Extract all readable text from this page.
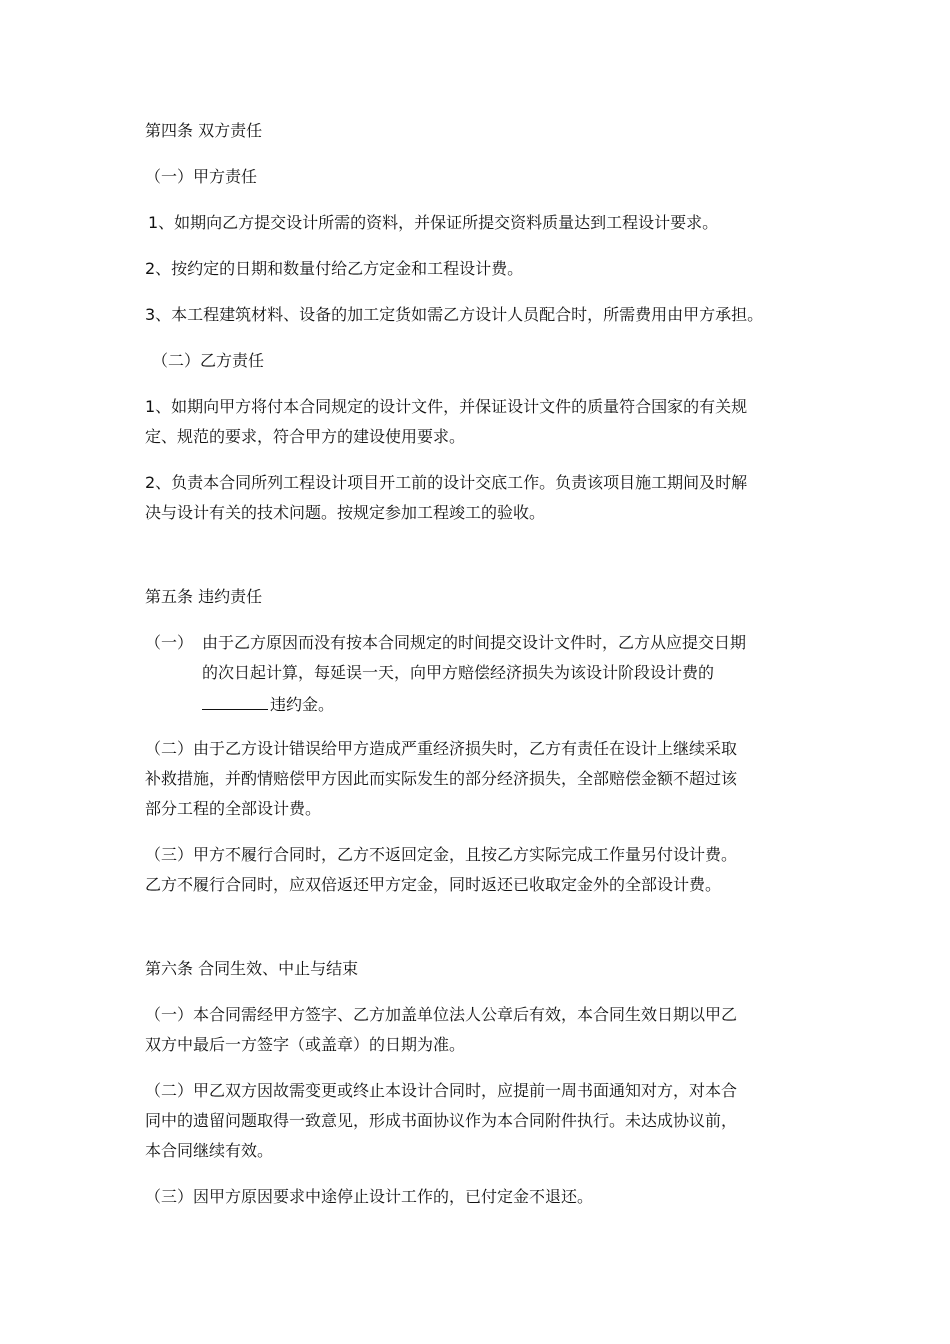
第四条 双方责任
（一）甲方责任
1、如期向乙方提交设计所需的资料，并保证所提交资料质量达到工程设计要求。
2、按约定的日期和数量付给乙方定金和工程设计费。
3、本工程建筑材料、设备的加工定货如需乙方设计人员配合时，所需费用由甲方承担。
（二）乙方责任
1、如期向甲方将付本合同规定的设计文件，并保证设计文件的质量符合国家的有关规
定、规范的要求，符合甲方的建设使用要求。
2、负责本合同所列工程设计项目开工前的设计交底工作。负责该项目施工期间及时解
决与设计有关的技术问题。按规定参加工程竣工的验收。
第五条 违约责任
（一） 由于乙方原因而没有按本合同规定的时间提交设计文件时，乙方从应提交日期
的次日起计算，每延误一天，向甲方赔偿经济损失为该设计阶段设计费的
违约金。
（二）由于乙方设计错误给甲方造成严重经济损失时，乙方有责任在设计上继续采取
补救措施，并酌情赔偿甲方因此而实际发生的部分经济损失，全部赔偿金额不超过该
部分工程的全部设计费。
（三）甲方不履行合同时，乙方不返回定金，且按乙方实际完成工作量另付设计费。
乙方不履行合同时，应双倍返还甲方定金，同时返还已收取定金外的全部设计费。
第六条 合同生效、中止与结束
（一）本合同需经甲方签字、乙方加盖单位法人公章后有效，本合同生效日期以甲乙
双方中最后一方签字（或盖章）的日期为准。
（二）甲乙双方因故需变更或终止本设计合同时，应提前一周书面通知对方，对本合
同中的遗留问题取得一致意见，形成书面协议作为本合同附件执行。未达成协议前，
本合同继续有效。
（三）因甲方原因要求中途停止设计工作的，已付定金不退还。
